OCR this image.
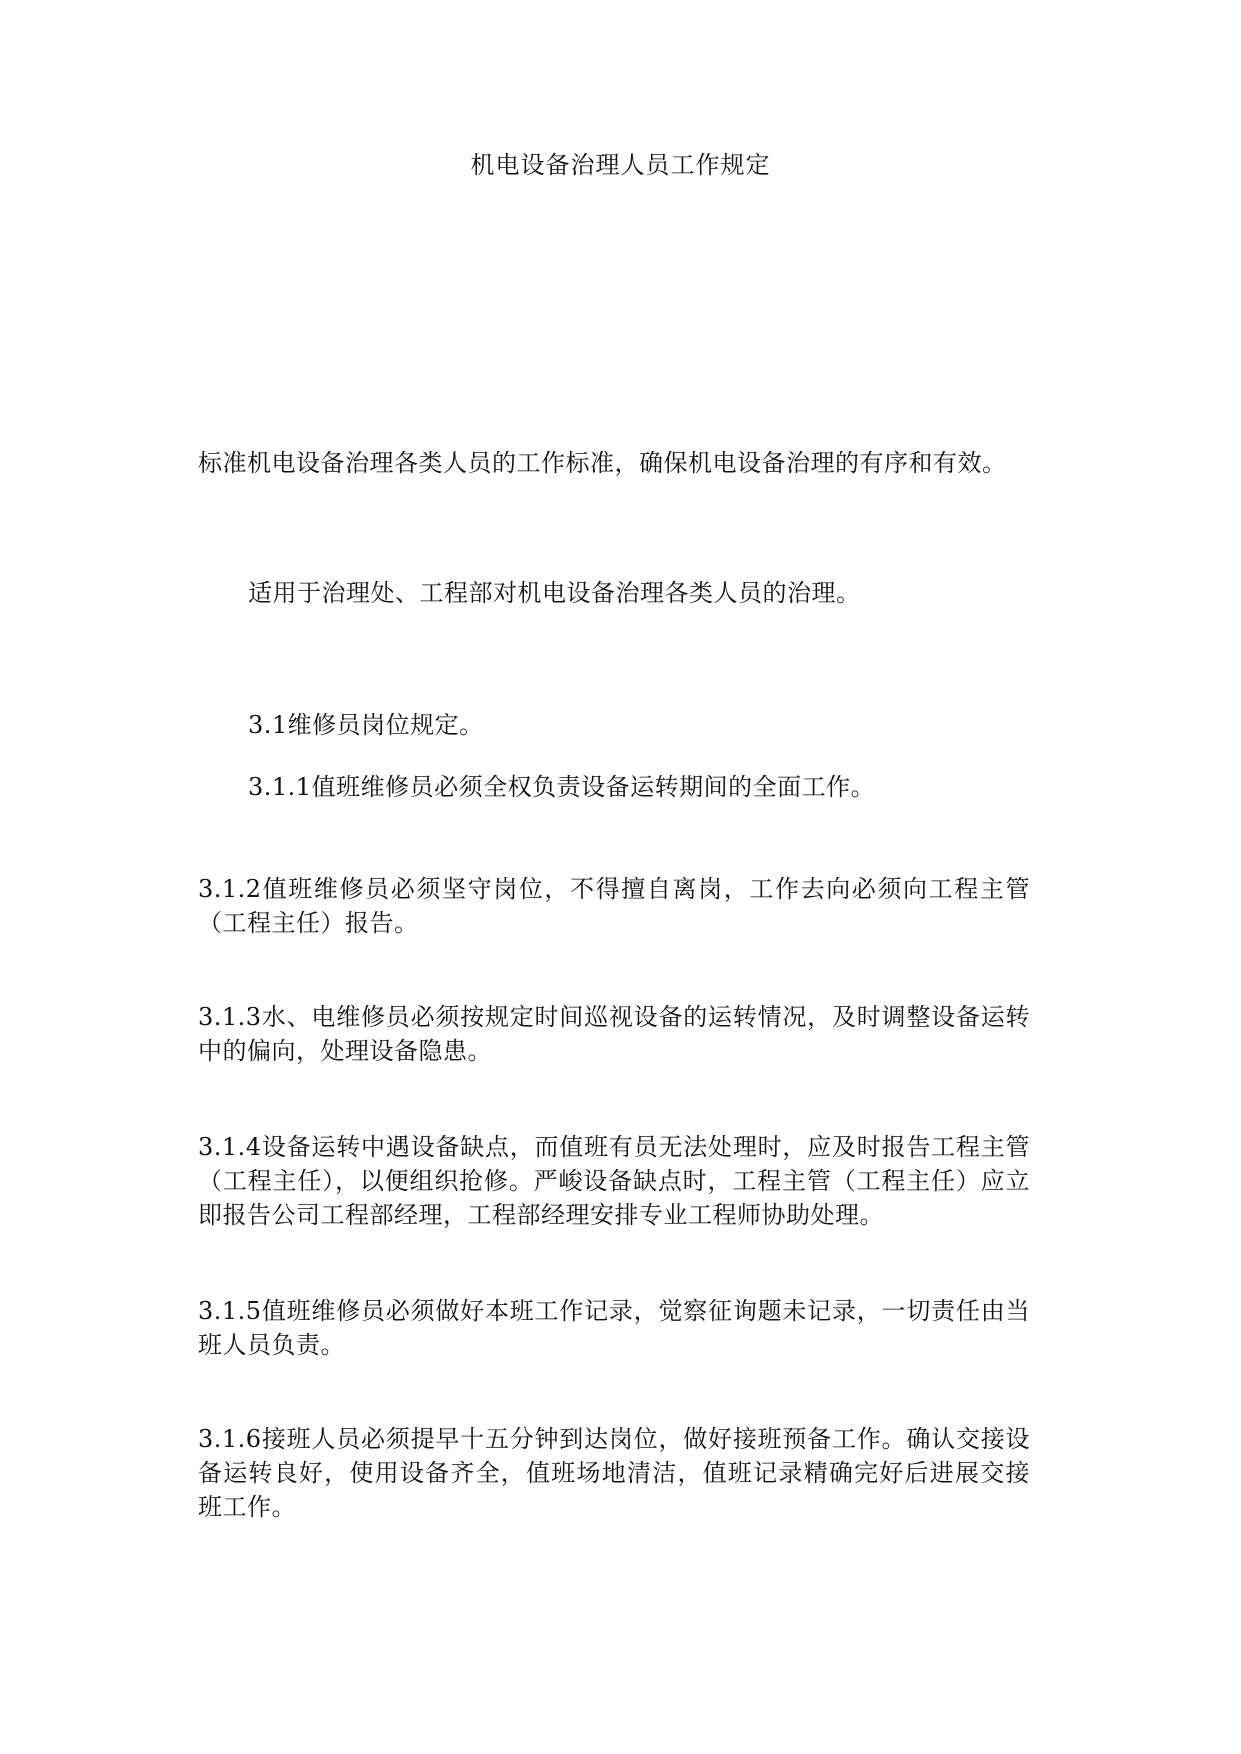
机电设备治理人员工作规定
标准机电设备治理各类人员的工作标准，确保机电设备治理的有序和有效。
适用于治理处、工程部对机电设备治理各类人员的治理。
3.1维修员岗位规定。
3.1.1值班维修员必须全权负责设备运转期间的全面工作。
3.1.2值班维修员必须坚守岗位，不得擅自离岗，工作去向必须向工程主管（工程主任）报告。
3.1.3水、电维修员必须按规定时间巡视设备的运转情况，及时调整设备运转中的偏向，处理设备隐患。
3.1.4设备运转中遇设备缺点，而值班有员无法处理时，应及时报告工程主管（工程主任），以便组织抢修。严峻设备缺点时，工程主管（工程主任）应立即报告公司工程部经理，工程部经理安排专业工程师协助处理。
3.1.5值班维修员必须做好本班工作记录，觉察征询题未记录，一切责任由当班人员负责。
3.1.6接班人员必须提早十五分钟到达岗位，做好接班预备工作。确认交接设备运转良好，使用设备齐全，值班场地清洁，值班记录精确完好后进展交接班工作。
